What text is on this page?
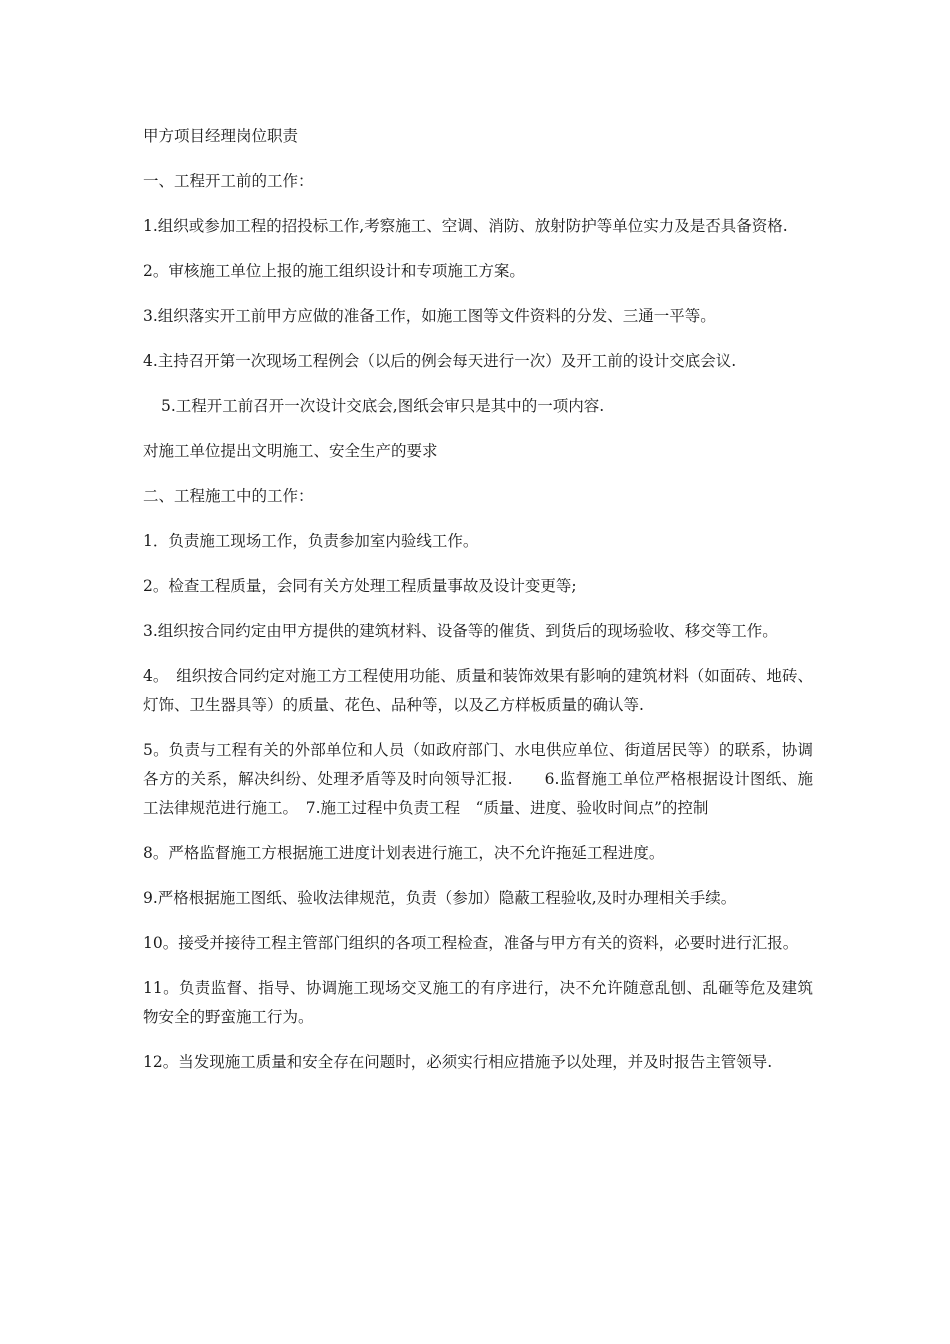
甲方项目经理岗位职责

一、工程开工前的工作：

1.组织或参加工程的招投标工作,考察施工、空调、消防、放射防护等单位实力及是否具备资格.

2。审核施工单位上报的施工组织设计和专项施工方案。

3.组织落实开工前甲方应做的准备工作，如施工图等文件资料的分发、三通一平等。

4.主持召开第一次现场工程例会（以后的例会每天进行一次）及开工前的设计交底会议.

5.工程开工前召开一次设计交底会,图纸会审只是其中的一项内容.

对施工单位提出文明施工、安全生产的要求

二、工程施工中的工作：

1．负责施工现场工作，负责参加室内验线工作。

2。检查工程质量，会同有关方处理工程质量事故及设计变更等;

3.组织按合同约定由甲方提供的建筑材料、设备等的催货、到货后的现场验收、移交等工作。

4。　组织按合同约定对施工方工程使用功能、质量和装饰效果有影响的建筑材料（如面砖、地砖、灯饰、卫生器具等）的质量、花色、品种等，以及乙方样板质量的确认等.

5。负责与工程有关的外部单位和人员（如政府部门、水电供应单位、街道居民等）的联系，协调各方的关系，解决纠纷、处理矛盾等及时向领导汇报.　　6.监督施工单位严格根据设计图纸、施工法律规范进行施工。　7.施工过程中负责工程　“质量、进度、验收时间点”的控制

8。严格监督施工方根据施工进度计划表进行施工，决不允许拖延工程进度。

9.严格根据施工图纸、验收法律规范，负责（参加）隐蔽工程验收,及时办理相关手续。

10。接受并接待工程主管部门组织的各项工程检查，准备与甲方有关的资料，必要时进行汇报。

11。负责监督、指导、协调施工现场交叉施工的有序进行，决不允许随意乱刨、乱砸等危及建筑物安全的野蛮施工行为。

12。当发现施工质量和安全存在问题时，必须实行相应措施予以处理，并及时报告主管领导.
